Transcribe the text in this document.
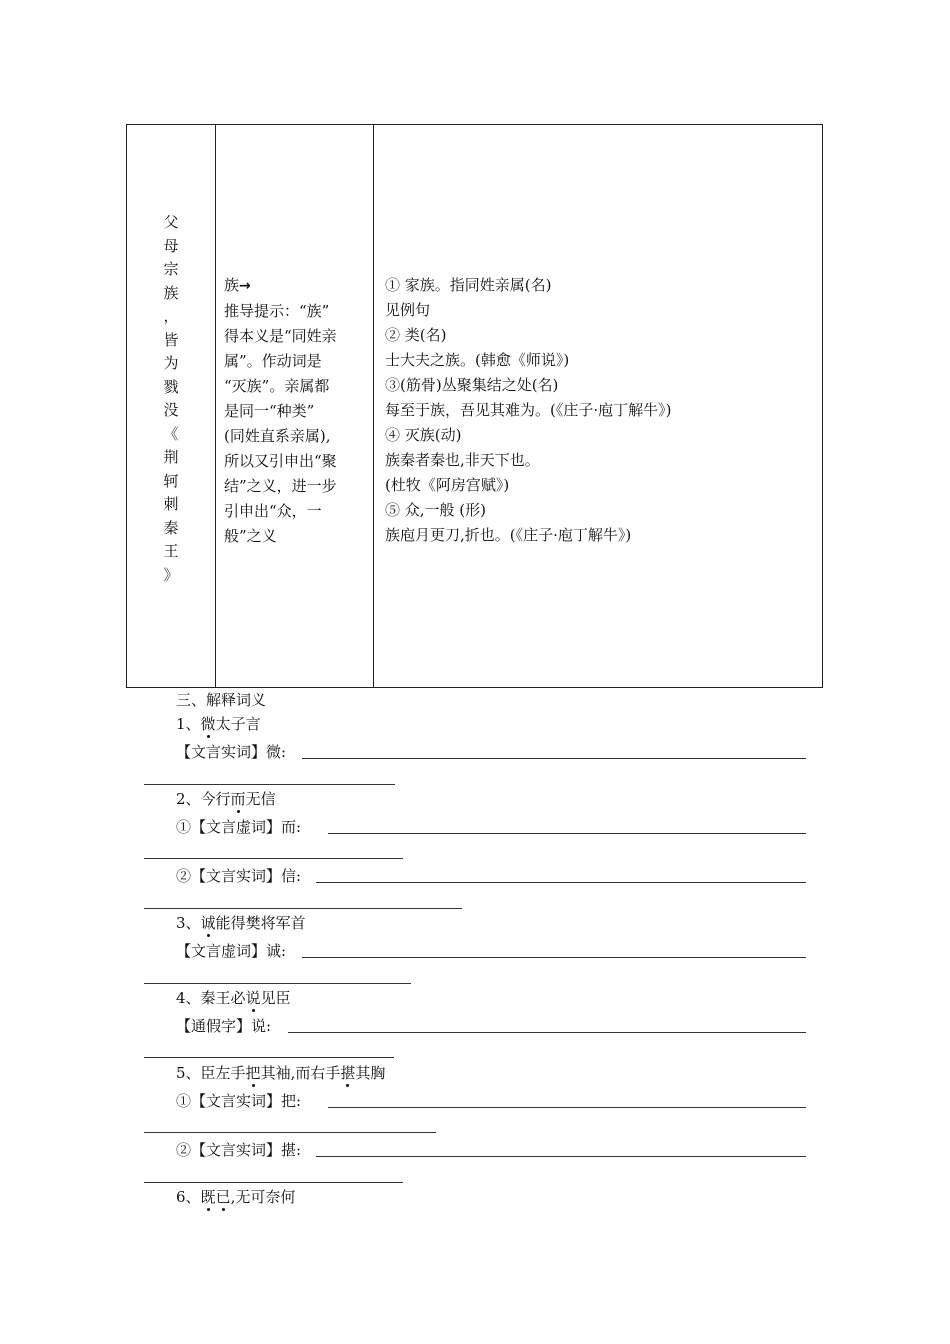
父
母
宗
族
，
皆
为
戮
没
《
荆
轲
刺
秦
王
》
族→
推导提示：“族”
得本义是“同姓亲
属”。作动词是
“灭族”。亲属都
是同一“种类”
(同姓直系亲属),
所以又引申出“聚
结”之义，进一步
引申出“众，一
般”之义
① 家族。指同姓亲属(名)
见例句
② 类(名)
士大夫之族。(韩愈《师说》)
③(筋骨)丛聚集结之处(名)
每至于族，吾见其难为。(《庄子·庖丁解牛》)
④ 灭族(动)
族秦者秦也,非天下也。
(杜牧《阿房宫赋》)
⑤ 众,一般 (形)
族庖月更刀,折也。(《庄子·庖丁解牛》)
三、解释词义
1、微太子言
【文言实词】微:
2、今行而无信
①【文言虚词】而:
②【文言实词】信:
3、诚能得樊将军首
【文言虚词】诚:
4、秦王必说见臣
【通假字】说:
5、臣左手把其袖,而右手揕其胸
①【文言实词】把:
②【文言实词】揕:
6、既已,无可奈何
